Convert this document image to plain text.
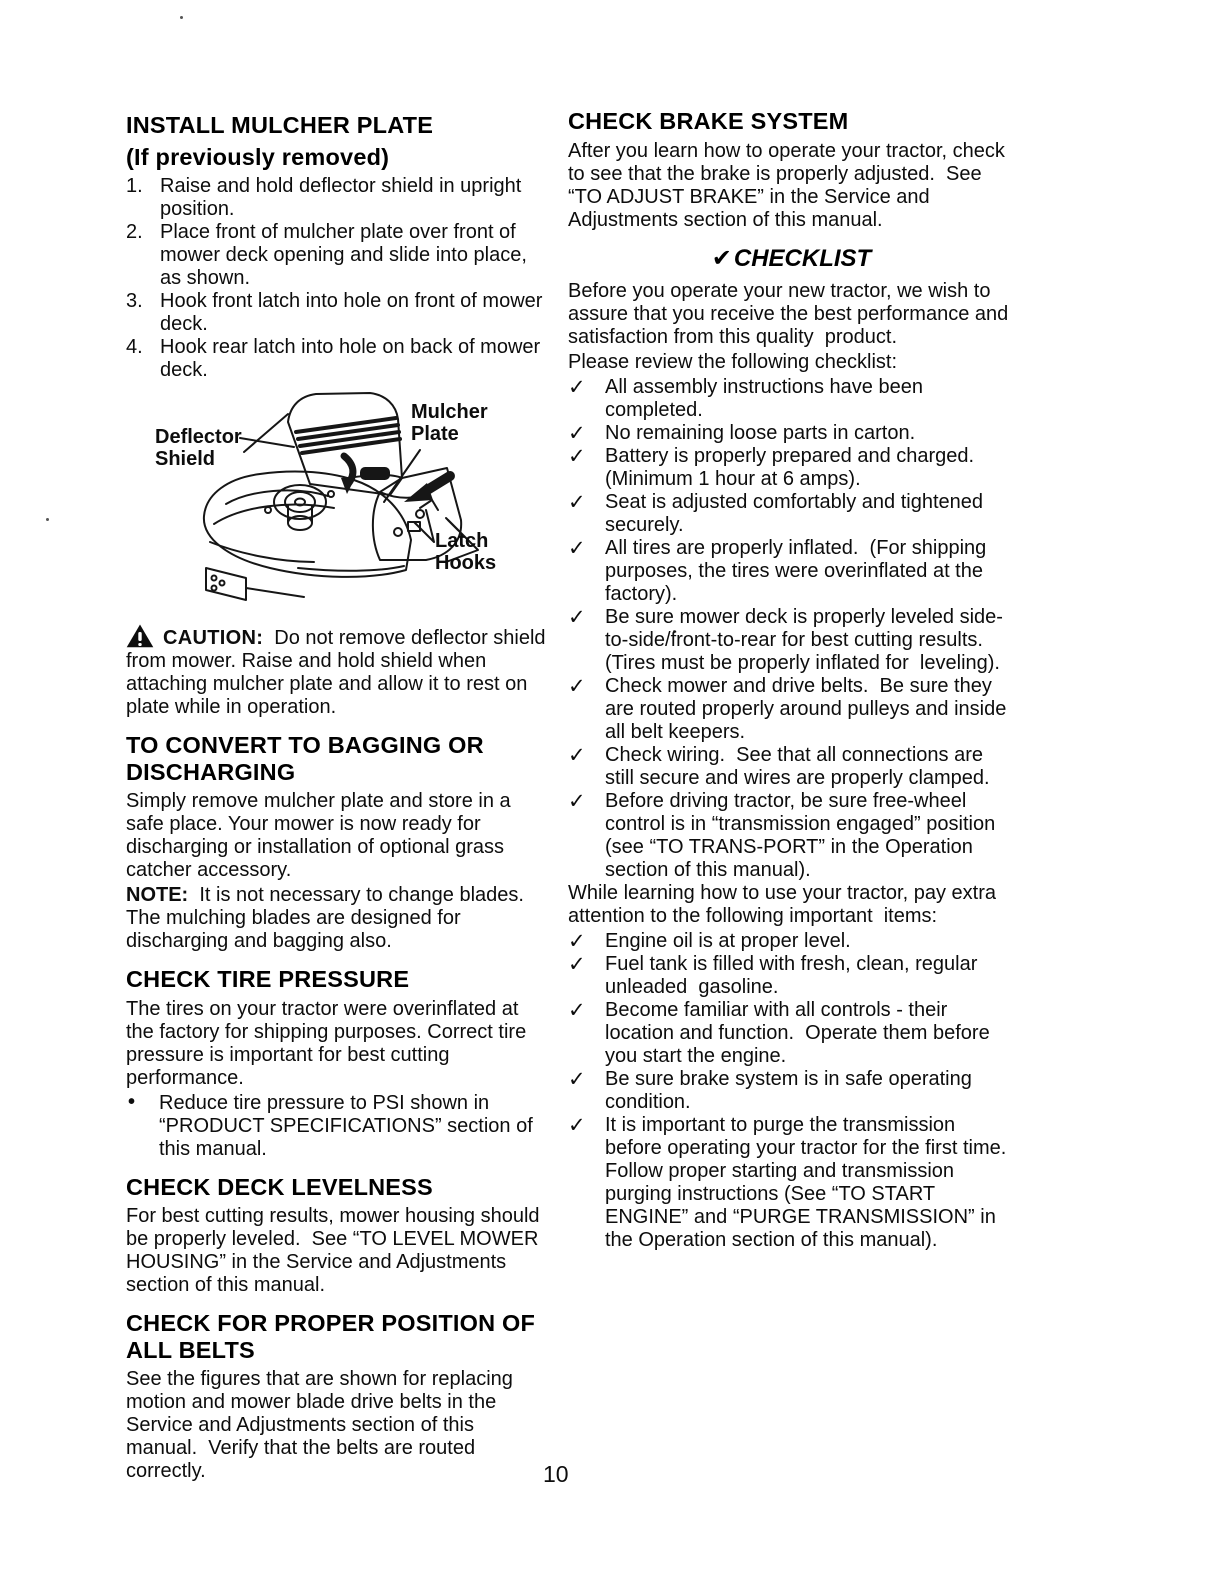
INSTALL MULCHER PLATE
(If previously removed)
1. Raise and hold deflector shield in upright  position.
2. Place front of mulcher plate over front of mower deck opening and slide into place, as shown.
3. Hook front latch into hole on front of mower deck.
4. Hook rear latch into hole on back of mower deck.
Deflector Shield
Mulcher Plate
Latch Hooks

CAUTION:  Do not remove deflector shield from mower. Raise and hold shield when attaching mulcher plate and allow it to rest on plate while in operation.

TO CONVERT TO BAGGING OR DISCHARGING

Simply remove mulcher plate and store in a safe place. Your mower is now ready for discharging or installation of optional grass catcher accessory.

NOTE:  It is not necessary to change blades.  The mulching blades are designed for discharging and bagging also.

CHECK TIRE PRESSURE

The tires on your tractor were overinflated at the factory for shipping purposes. Correct tire pressure is important for best cutting  performance.

• Reduce tire pressure to PSI shown in “PRODUCT SPECIFICATIONS” section of this manual.
CHECK DECK LEVELNESS

For best cutting results, mower housing should be properly leveled.  See “TO LEVEL MOWER HOUSING” in the Service and Adjustments section of this manual.

CHECK FOR PROPER POSITION OF ALL BELTS

See the figures that are shown for replacing motion and mower blade drive belts in the Service and Adjustments section of this manual.  Verify that the belts are routed correctly.

CHECK BRAKE SYSTEM

After you learn how to operate your tractor, check to see that the brake is properly adjusted.  See “TO ADJUST BRAKE” in the Service and Adjustments section of this manual.

✔CHECKLIST

Before you operate your new tractor, we wish to assure that you receive the best performance and satisfaction from this quality  product.

Please review the following checklist:

✓ All assembly instructions have been completed.
✓ No remaining loose parts in carton.
✓ Battery is properly prepared and charged.   (Minimum 1 hour at 6 amps).
✓ Seat is adjusted comfortably and tightened  securely.
✓ All tires are properly inflated.  (For shipping purposes, the tires were overinflated at the factory).
✓ Be sure mower deck is properly leveled side-to-side/front-to-rear for best cutting results.  (Tires must be properly inflated for  leveling).
✓ Check mower and drive belts.  Be sure they are routed properly around pulleys and inside all belt keepers.
✓ Check wiring.  See that all connections are still secure and wires are properly clamped.
✓ Before driving tractor, be sure free-wheel control is in “transmission engaged” position (see “TO TRANS-PORT” in the Operation section of this manual).

While learning how to use your tractor, pay extra attention to the following important  items:

✓ Engine oil is at proper level.
✓ Fuel tank is filled with fresh, clean, regular  unleaded  gasoline.
✓ Become familiar with all controls - their location and function.  Operate them before you start the engine.
✓ Be sure brake system is in safe operating  condition.
✓ It is important to purge the transmission before operating your tractor for the first time.  Follow proper starting and transmission purging instructions (See “TO START ENGINE” and “PURGE TRANSMISSION” in the Operation section of this manual).
10
